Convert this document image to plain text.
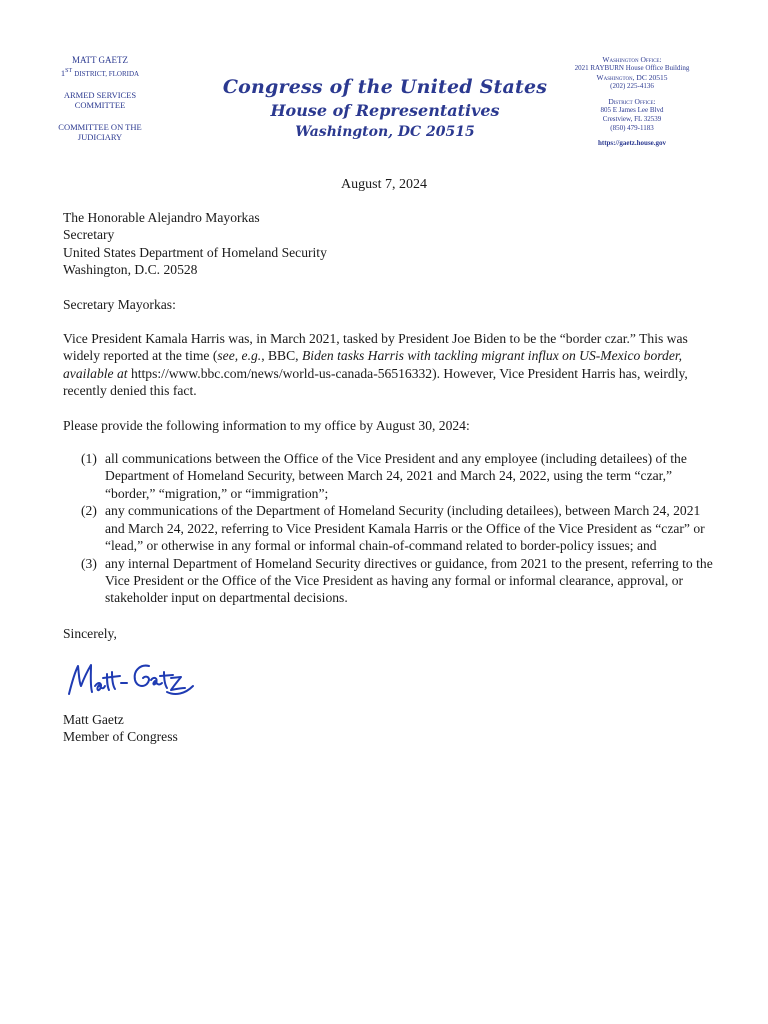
MATT GAETZ
1ST DISTRICT, FLORIDA
ARMED SERVICES
COMMITTEE
COMMITTEE ON THE
JUDICIARY
Congress of the United States
House of Representatives
Washington, DC 20515
Washington Office:
2021 RAYBURN House Office Building
Washington, DC 20515
(202) 225-4136
District Office:
805 E James Lee Blvd
Crestview, FL 32539
(850) 479-1183
https://gaetz.house.gov
August 7, 2024

The Honorable Alejandro Mayorkas
Secretary
United States Department of Homeland Security
Washington, D.C. 20528

Secretary Mayorkas:

Vice President Kamala Harris was, in March 2021, tasked by President Joe Biden to be the “border czar.” This was widely reported at the time (see, e.g., BBC, Biden tasks Harris with tackling migrant influx on US-Mexico border, available at https://www.bbc.com/news/world-us-canada-56516332). However, Vice President Harris has, weirdly, recently denied this fact.

Please provide the following information to my office by August 30, 2024:

(1) all communications between the Office of the Vice President and any employee (including detailees) of the Department of Homeland Security, between March 24, 2021 and March 24, 2022, using the term “czar,” “border,” “migration,” or “immigration”;
(2) any communications of the Department of Homeland Security (including detailees), between March 24, 2021 and March 24, 2022, referring to Vice President Kamala Harris or the Office of the Vice President as “czar” or “lead,” or otherwise in any formal or informal chain-of-command related to border-policy issues; and
(3) any internal Department of Homeland Security directives or guidance, from 2021 to the present, referring to the Vice President or the Office of the Vice President as having any formal or informal clearance, approval, or stakeholder input on departmental decisions.

Sincerely,

Matt Gaetz
Member of Congress
